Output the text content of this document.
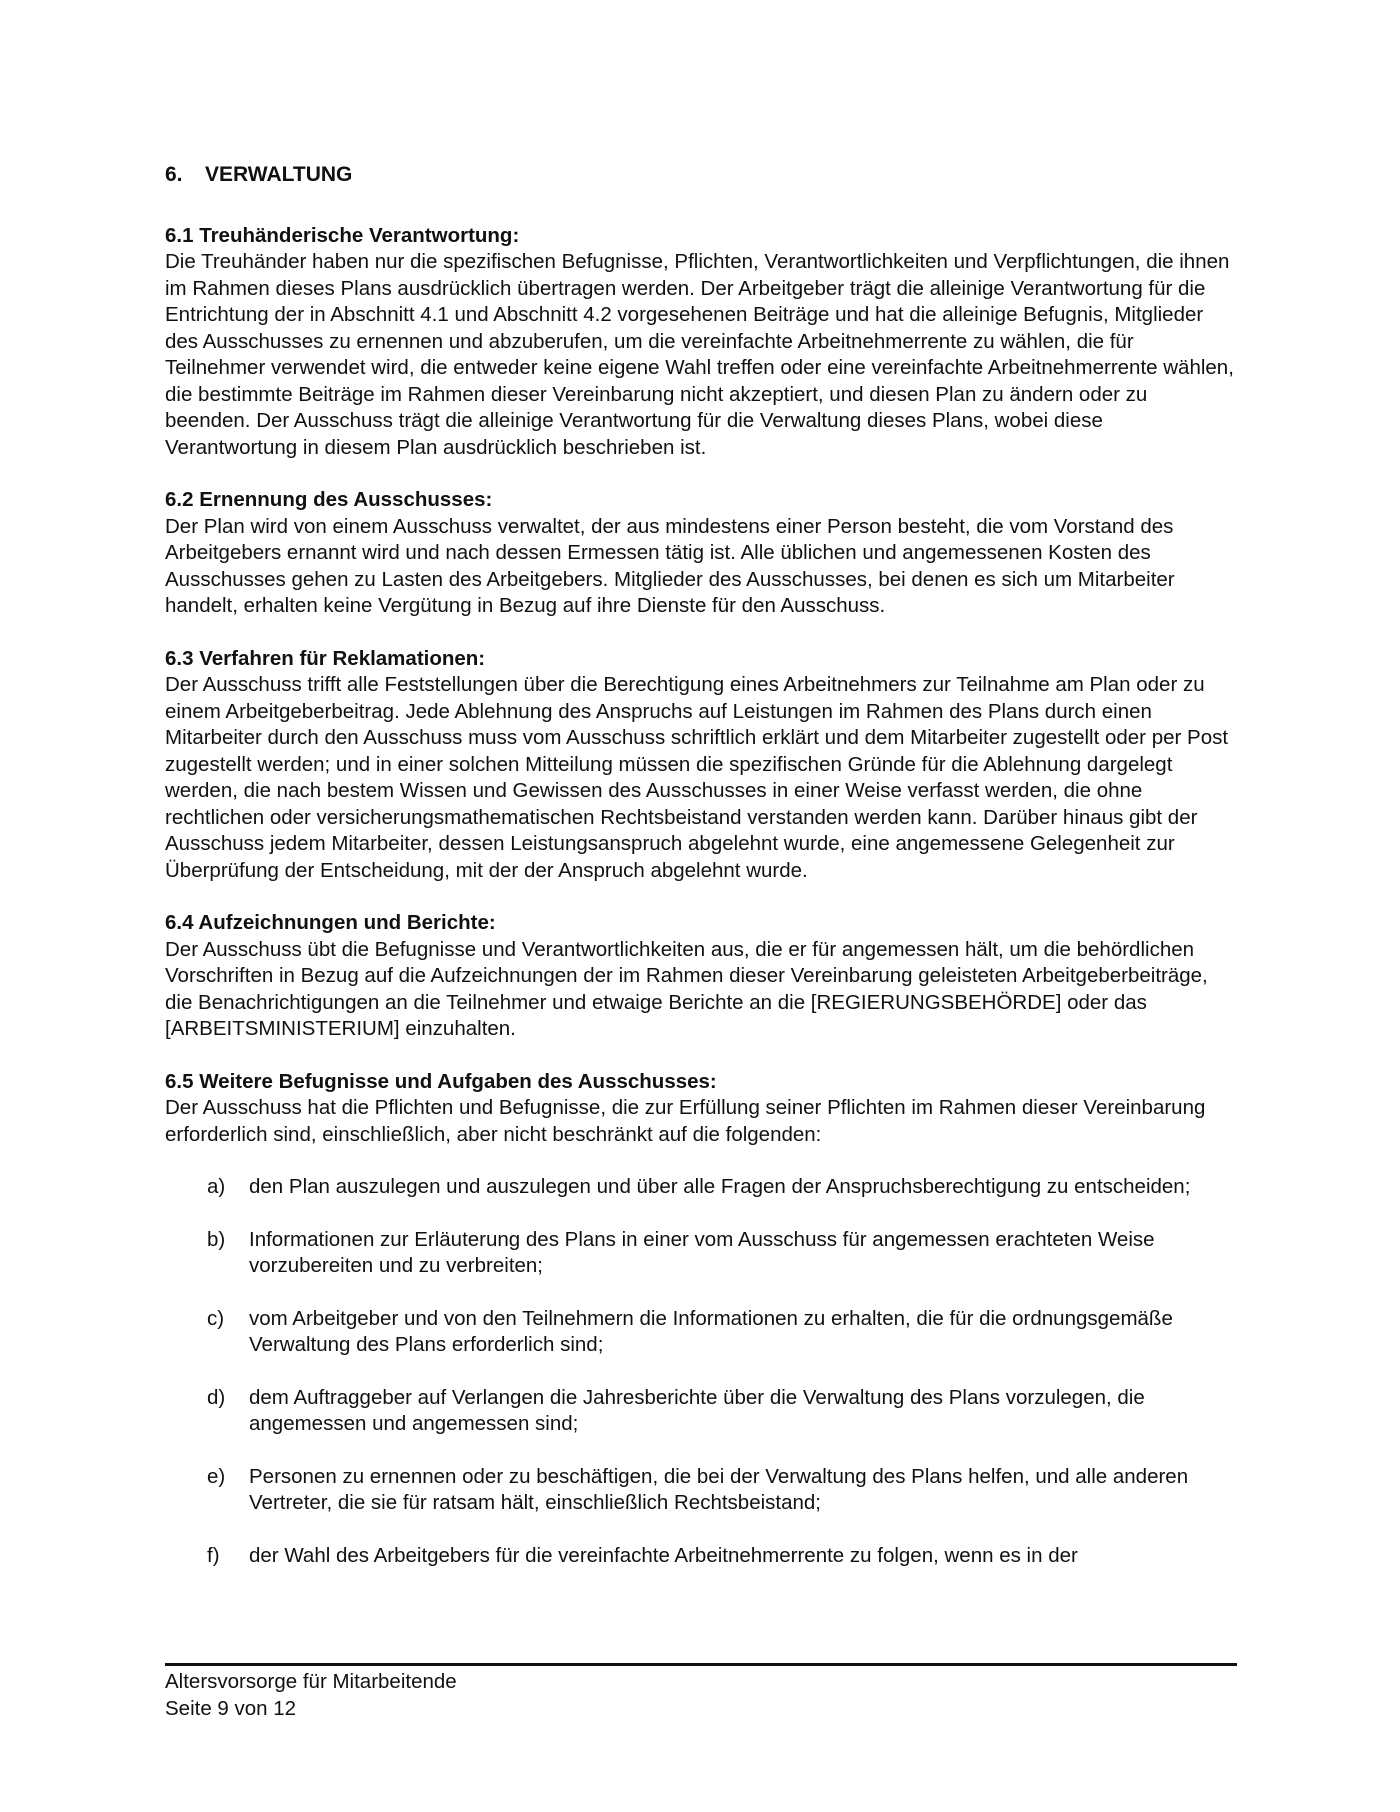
6.	VERWALTUNG

6.1 Treuhänderische Verantwortung:

Die Treuhänder haben nur die spezifischen Befugnisse, Pflichten, Verantwortlichkeiten und Verpflichtungen, die ihnen im Rahmen dieses Plans ausdrücklich übertragen werden. Der Arbeitgeber trägt die alleinige Verantwortung für die Entrichtung der in Abschnitt 4.1 und Abschnitt 4.2 vorgesehenen Beiträge und hat die alleinige Befugnis, Mitglieder des Ausschusses zu ernennen und abzuberufen, um die vereinfachte Arbeitnehmerrente zu wählen, die für Teilnehmer verwendet wird, die entweder keine eigene Wahl treffen oder eine vereinfachte Arbeitnehmerrente wählen, die bestimmte Beiträge im Rahmen dieser Vereinbarung nicht akzeptiert, und diesen Plan zu ändern oder zu beenden. Der Ausschuss trägt die alleinige Verantwortung für die Verwaltung dieses Plans, wobei diese Verantwortung in diesem Plan ausdrücklich beschrieben ist.

6.2 Ernennung des Ausschusses:

Der Plan wird von einem Ausschuss verwaltet, der aus mindestens einer Person besteht, die vom Vorstand des Arbeitgebers ernannt wird und nach dessen Ermessen tätig ist. Alle üblichen und angemessenen Kosten des Ausschusses gehen zu Lasten des Arbeitgebers. Mitglieder des Ausschusses, bei denen es sich um Mitarbeiter handelt, erhalten keine Vergütung in Bezug auf ihre Dienste für den Ausschuss.

6.3 Verfahren für Reklamationen:

Der Ausschuss trifft alle Feststellungen über die Berechtigung eines Arbeitnehmers zur Teilnahme am Plan oder zu einem Arbeitgeberbeitrag. Jede Ablehnung des Anspruchs auf Leistungen im Rahmen des Plans durch einen Mitarbeiter durch den Ausschuss muss vom Ausschuss schriftlich erklärt und dem Mitarbeiter zugestellt oder per Post zugestellt werden; und in einer solchen Mitteilung müssen die spezifischen Gründe für die Ablehnung dargelegt werden, die nach bestem Wissen und Gewissen des Ausschusses in einer Weise verfasst werden, die ohne rechtlichen oder versicherungsmathematischen Rechtsbeistand verstanden werden kann. Darüber hinaus gibt der Ausschuss jedem Mitarbeiter, dessen Leistungsanspruch abgelehnt wurde, eine angemessene Gelegenheit zur Überprüfung der Entscheidung, mit der der Anspruch abgelehnt wurde.

6.4 Aufzeichnungen und Berichte:

Der Ausschuss übt die Befugnisse und Verantwortlichkeiten aus, die er für angemessen hält, um die behördlichen Vorschriften in Bezug auf die Aufzeichnungen der im Rahmen dieser Vereinbarung geleisteten Arbeitgeberbeiträge, die Benachrichtigungen an die Teilnehmer und etwaige Berichte an die [REGIERUNGSBEHÖRDE] oder das [ARBEITSMINISTERIUM] einzuhalten.

6.5 Weitere Befugnisse und Aufgaben des Ausschusses:

Der Ausschuss hat die Pflichten und Befugnisse, die zur Erfüllung seiner Pflichten im Rahmen dieser Vereinbarung erforderlich sind, einschließlich, aber nicht beschränkt auf die folgenden:

a)	den Plan auszulegen und auszulegen und über alle Fragen der Anspruchsberechtigung zu entscheiden;
b)	Informationen zur Erläuterung des Plans in einer vom Ausschuss für angemessen erachteten Weise vorzubereiten und zu verbreiten;
c)	vom Arbeitgeber und von den Teilnehmern die Informationen zu erhalten, die für die ordnungsgemäße Verwaltung des Plans erforderlich sind;
d)	dem Auftraggeber auf Verlangen die Jahresberichte über die Verwaltung des Plans vorzulegen, die angemessen und angemessen sind;
e)	Personen zu ernennen oder zu beschäftigen, die bei der Verwaltung des Plans helfen, und alle anderen Vertreter, die sie für ratsam hält, einschließlich Rechtsbeistand;
f)	der Wahl des Arbeitgebers für die vereinfachte Arbeitnehmerrente zu folgen, wenn es in der
Altersvorsorge für Mitarbeitende
Seite 9 von 12
